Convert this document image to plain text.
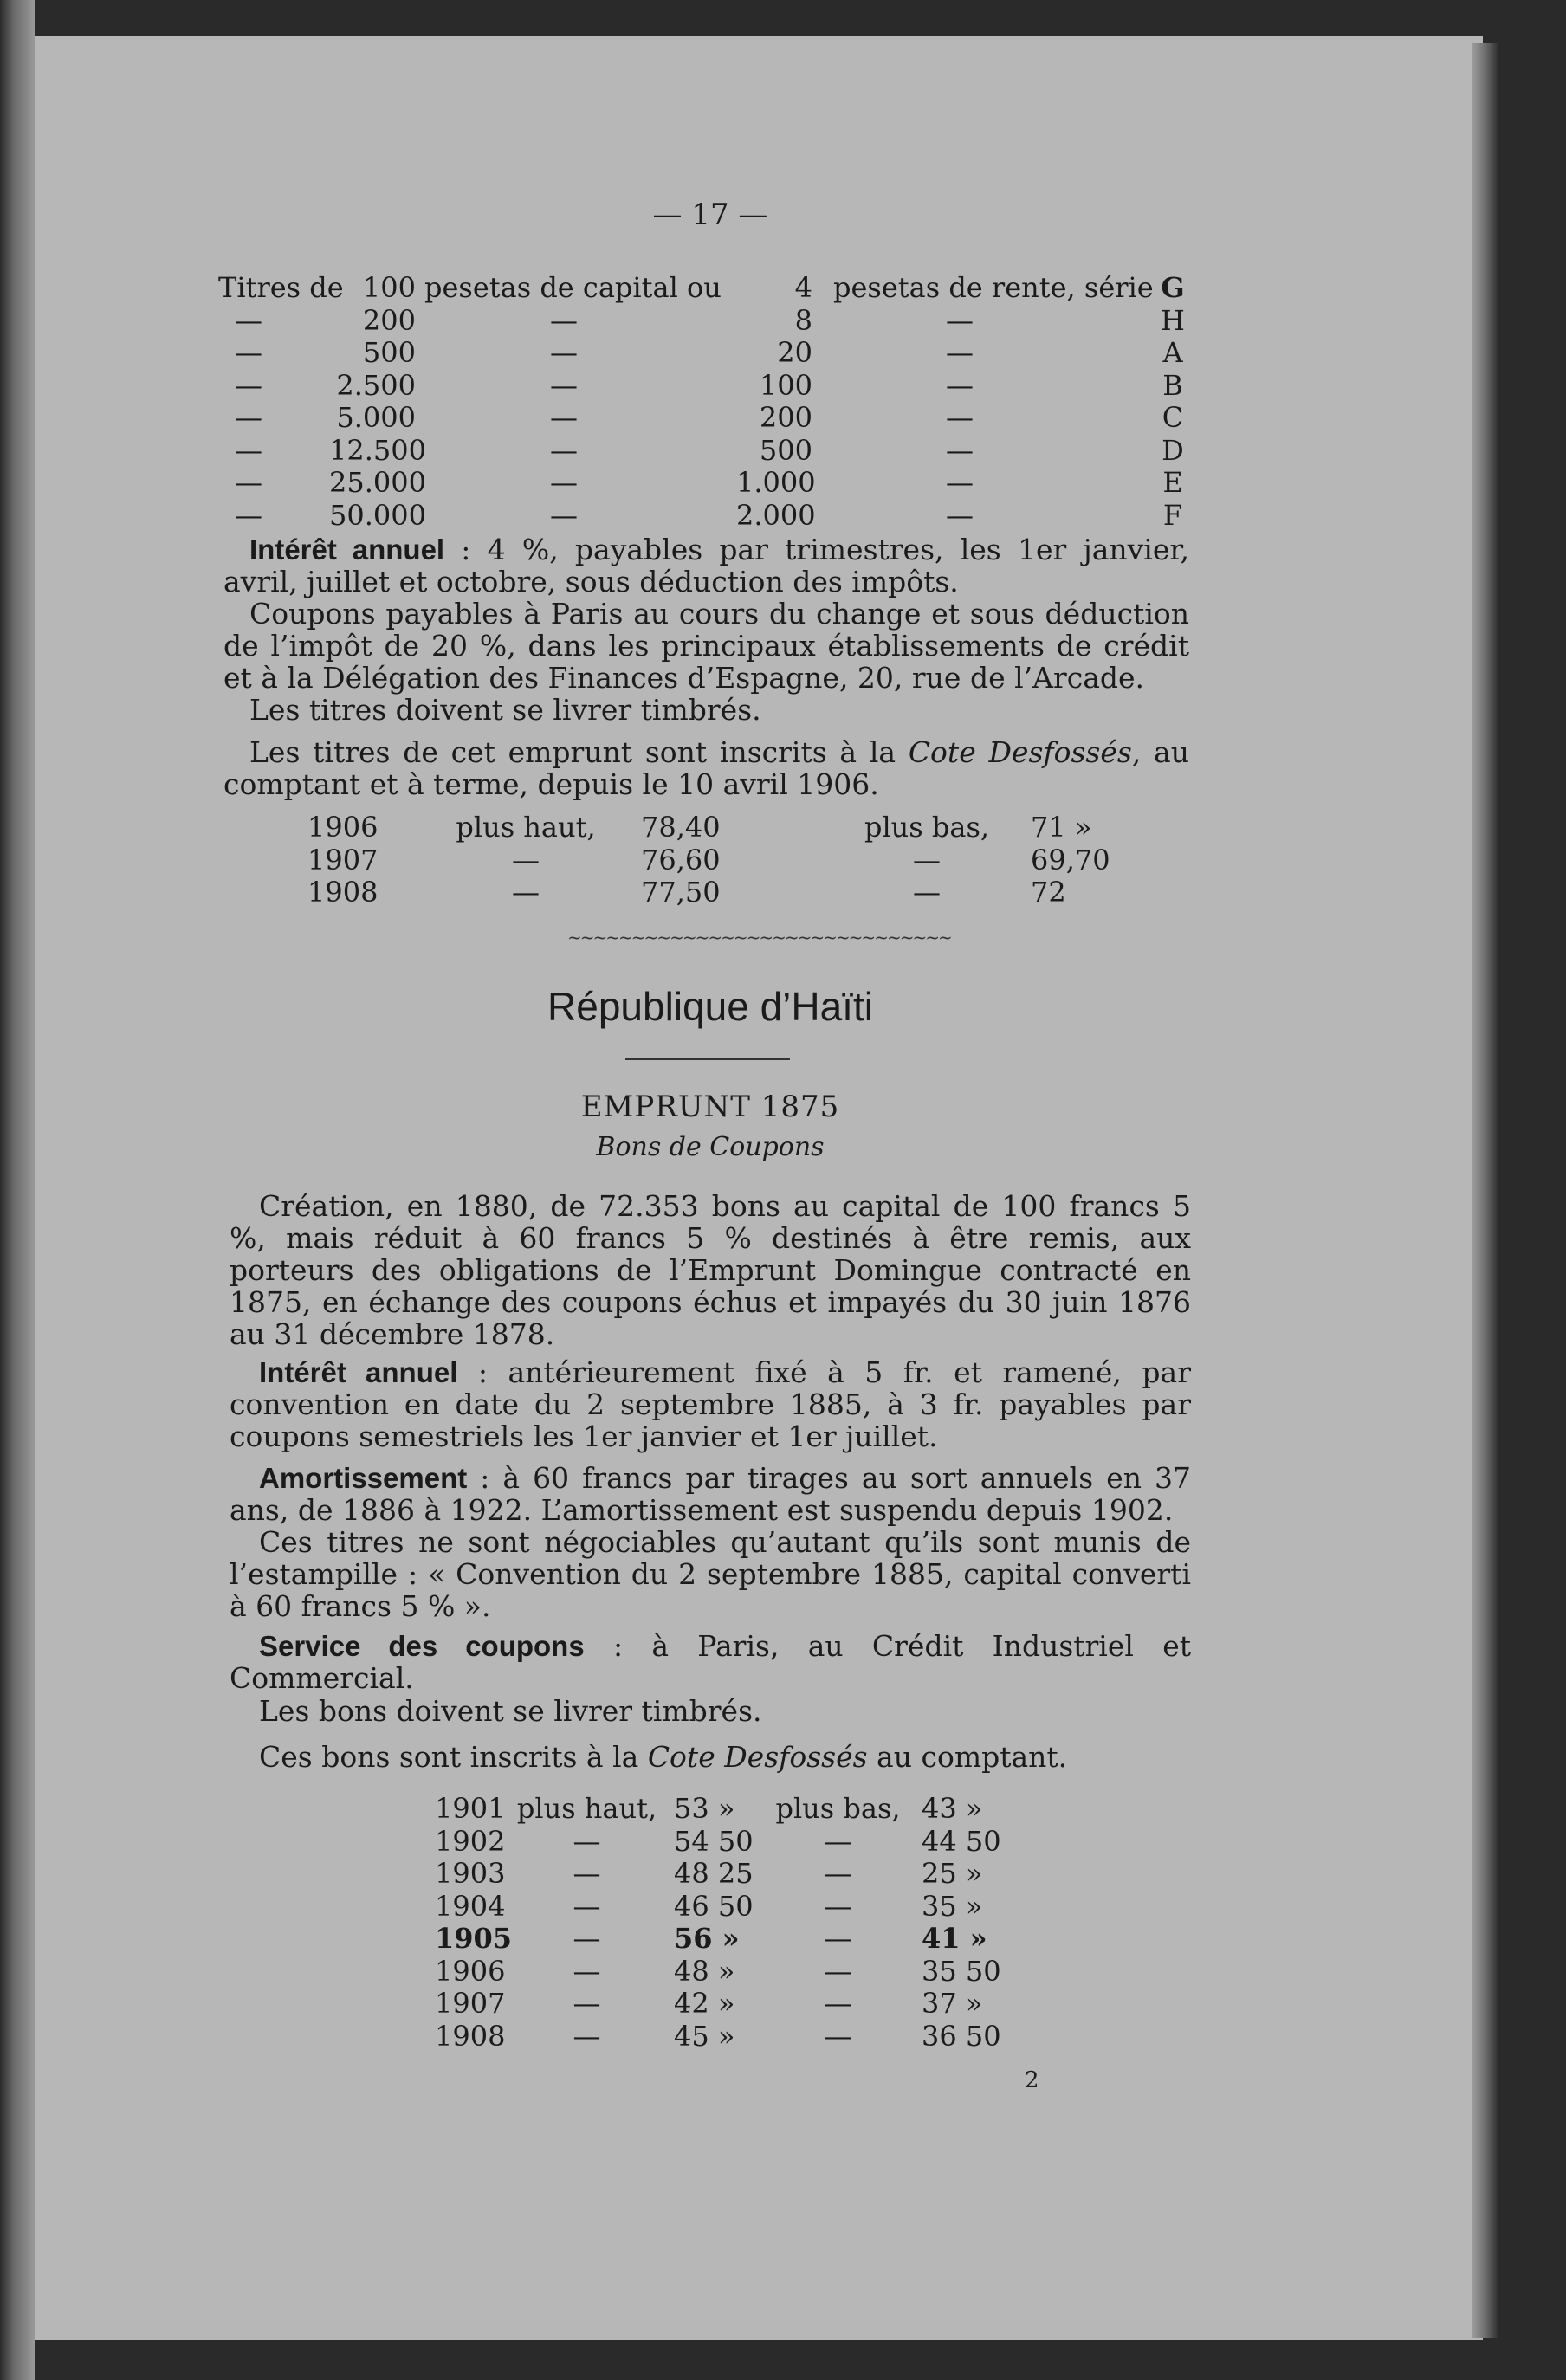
— 17 —
Titres de
—
—
—
—
—
—
—
100
200
500
2.500
5.000
12.500
25.000
50.000
pesetas de capital ou
—
—
—
—
—
—
—
4
8
20
100
200
500
1.000
2.000
pesetas de rente, série
—
—
—
—
—
—
—
G
H
A
B
C
D
E
F
Intérêt annuel : 4 %, payables par trimestres, les 1er janvier, avril, juillet et octobre, sous déduction des impôts.
Coupons payables à Paris au cours du change et sous déduction de l’impôt de 20 %, dans les principaux établissements de crédit et à la Délégation des Finances d’Espagne, 20, rue de l’Arcade.
Les titres doivent se livrer timbrés.
Les titres de cet emprunt sont inscrits à la Cote Desfossés, au comptant et à terme, depuis le 10 avril 1906.
1906
1907
1908
plus haut,
—
—
78,40
76,60
77,50
plus bas,
—
—
71 »
69,70
72
~~~~~~~~~~~~~~~~~~~~~~~~~~~~~~
République d’Haïti
EMPRUNT 1875
Bons de Coupons
Création, en 1880, de 72.353 bons au capital de 100 francs 5 %, mais réduit à 60 francs 5 % destinés à être remis, aux porteurs des obligations de l’Emprunt Domingue contracté en 1875, en échange des coupons échus et impayés du 30 juin 1876 au 31 décembre 1878.
Intérêt annuel : antérieurement fixé à 5 fr. et ramené, par convention en date du 2 septembre 1885, à 3 fr. payables par coupons semestriels les 1er janvier et 1er juillet.
Amortissement : à 60 francs par tirages au sort annuels en 37 ans, de 1886 à 1922. L’amortissement est suspendu depuis 1902.
Ces titres ne sont négociables qu’autant qu’ils sont munis de l’estampille : « Convention du 2 septembre 1885, capital converti à 60 francs 5 % ».
Service des coupons : à Paris, au Crédit Industriel et Commercial.
Les bons doivent se livrer timbrés.
Ces bons sont inscrits à la Cote Desfossés au comptant.
1901
1902
1903
1904
1905
1906
1907
1908
plus haut,
—
—
—
—
—
—
—
53 »
54 50
48 25
46 50
56 »
48 »
42 »
45 »
plus bas,
—
—
—
—
—
—
—
43 »
44 50
25 »
35 »
41 »
35 50
37 »
36 50
2
